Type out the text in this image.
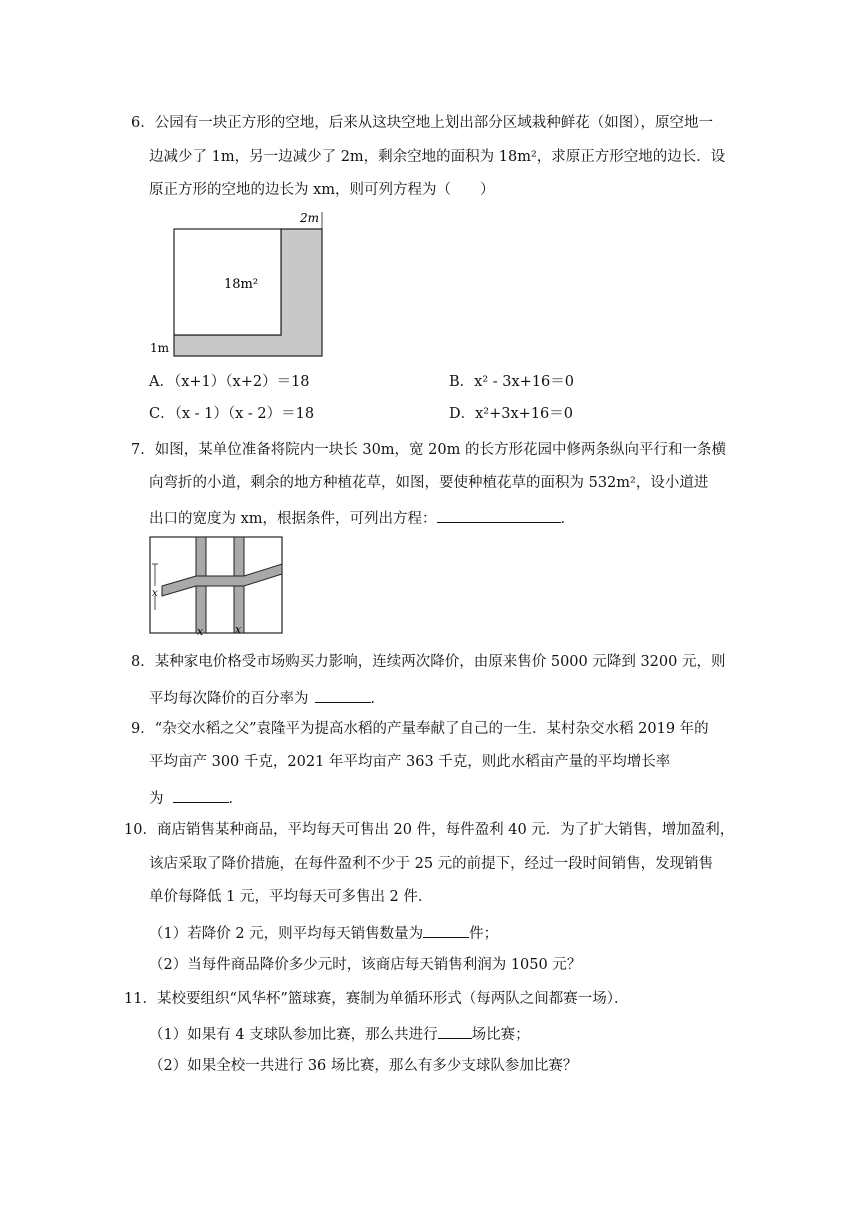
6．公园有一块正方形的空地，后来从这块空地上划出部分区域栽种鲜花（如图），原空地一
边减少了 1m，另一边减少了 2m，剩余空地的面积为 18m²，求原正方形空地的边长．设
原正方形的空地的边长为 xm，则可列方程为（　　）
2m
18m²
1m
A．（x+1）（x+2）＝18	B．x² - 3x+16＝0
C．（x - 1）（x - 2）＝18	D．x²+3x+16＝0
7．如图，某单位准备将院内一块长 30m，宽 20m 的长方形花园中修两条纵向平行和一条横
向弯折的小道，剩余的地方种植花草，如图，要使种植花草的面积为 532m²，设小道进
出口的宽度为 xm，根据条件，可列出方程：	．
x
x	x
8．某种家电价格受市场购买力影响，连续两次降价，由原来售价 5000 元降到 3200 元，则
平均每次降价的百分率为	．
9．“杂交水稻之父”袁隆平为提高水稻的产量奉献了自己的一生．某村杂交水稻 2019 年的
平均亩产 300 千克，2021 年平均亩产 363 千克，则此水稻亩产量的平均增长率
为	．
10．商店销售某种商品，平均每天可售出 20 件，每件盈利 40 元．为了扩大销售，增加盈利，
该店采取了降价措施，在每件盈利不少于 25 元的前提下，经过一段时间销售，发现销售
单价每降低 1 元，平均每天可多售出 2 件．
（1）若降价 2 元，则平均每天销售数量为	件；
（2）当每件商品降价多少元时，该商店每天销售利润为 1050 元？
11．某校要组织“风华杯”篮球赛，赛制为单循环形式（每两队之间都赛一场）．
（1）如果有 4 支球队参加比赛，那么共进行 场比赛；
（2）如果全校一共进行 36 场比赛，那么有多少支球队参加比赛？
